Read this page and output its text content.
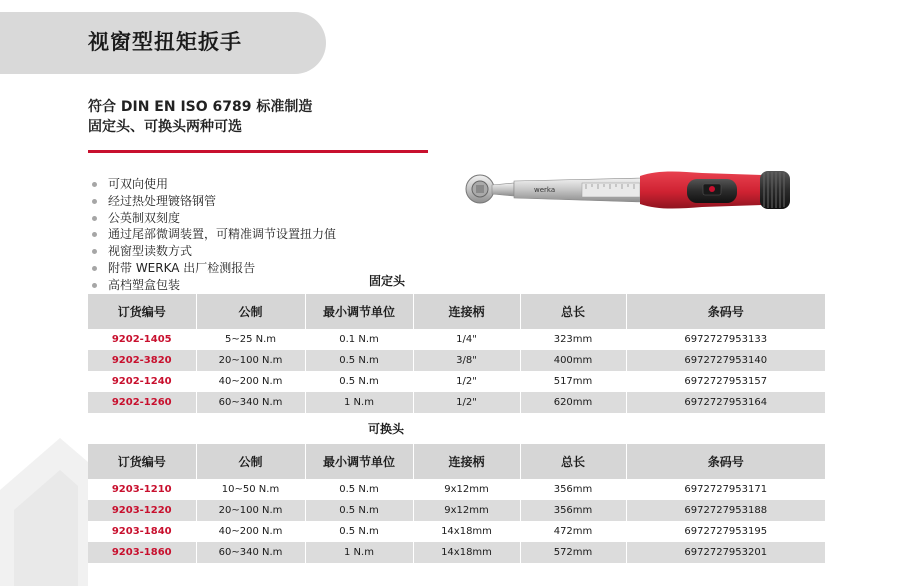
视窗型扭矩扳手
符合 DIN EN ISO 6789 标准制造
固定头、可换头两种可选
可双向使用
经过热处理镀铬钢管
公英制双刻度
通过尾部微调装置，可精准调节设置扭力值
视窗型读数方式
附带 WERKA 出厂检测报告
高档塑盒包装
werka
固定头
订货编号	公制	最小调节单位	连接柄	总长	条码号
9202-1405	5~25 N.m	0.1 N.m	1/4"	323mm	6972727953133
9202-3820	20~100 N.m	0.5 N.m	3/8"	400mm	6972727953140
9202-1240	40~200 N.m	0.5 N.m	1/2"	517mm	6972727953157
9202-1260	60~340 N.m	1 N.m	1/2"	620mm	6972727953164
可换头
订货编号	公制	最小调节单位	连接柄	总长	条码号
9203-1210	10~50 N.m	0.5 N.m	9x12mm	356mm	6972727953171
9203-1220	20~100 N.m	0.5 N.m	9x12mm	356mm	6972727953188
9203-1840	40~200 N.m	0.5 N.m	14x18mm	472mm	6972727953195
9203-1860	60~340 N.m	1 N.m	14x18mm	572mm	6972727953201
